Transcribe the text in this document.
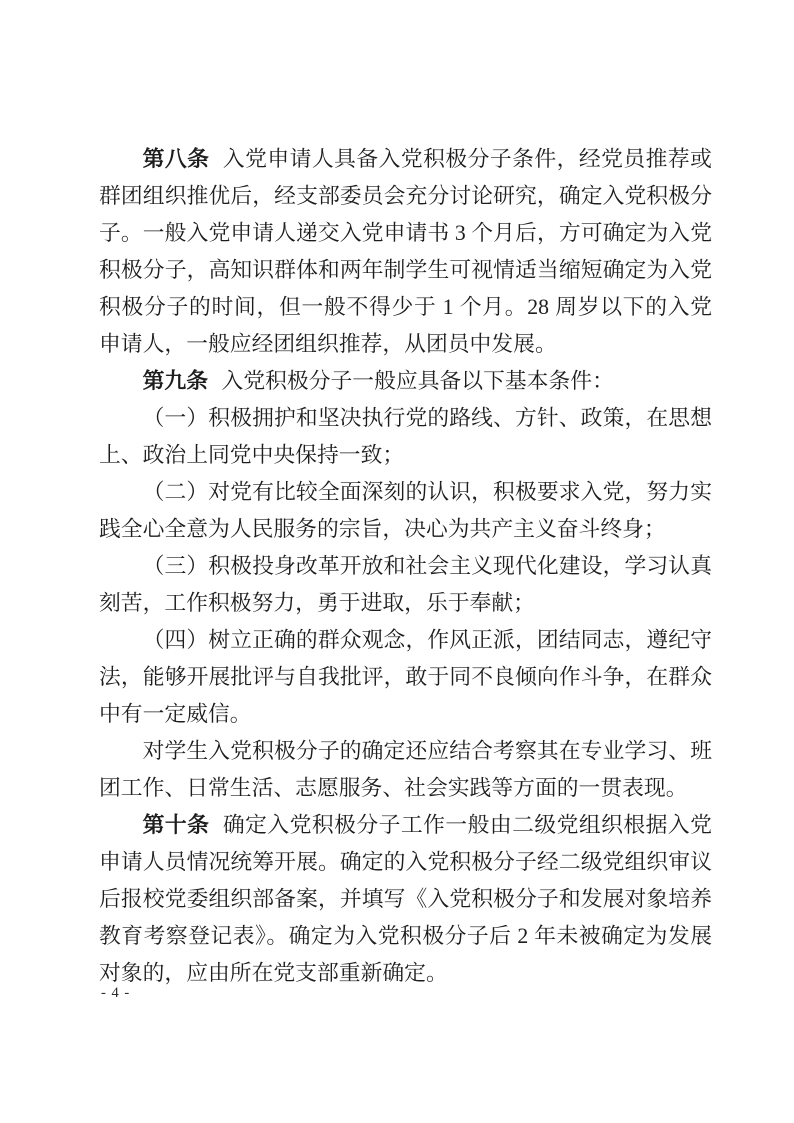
第八条 入党申请人具备入党积极分子条件，经党员推荐或群团组织推优后，经支部委员会充分讨论研究，确定入党积极分子。一般入党申请人递交入党申请书 3 个月后，方可确定为入党积极分子，高知识群体和两年制学生可视情适当缩短确定为入党积极分子的时间，但一般不得少于 1 个月。28 周岁以下的入党申请人，一般应经团组织推荐，从团员中发展。

第九条 入党积极分子一般应具备以下基本条件：

（一）积极拥护和坚决执行党的路线、方针、政策，在思想上、政治上同党中央保持一致；

（二）对党有比较全面深刻的认识，积极要求入党，努力实践全心全意为人民服务的宗旨，决心为共产主义奋斗终身；

（三）积极投身改革开放和社会主义现代化建设，学习认真刻苦，工作积极努力，勇于进取，乐于奉献；

（四）树立正确的群众观念，作风正派，团结同志，遵纪守法，能够开展批评与自我批评，敢于同不良倾向作斗争，在群众中有一定威信。

对学生入党积极分子的确定还应结合考察其在专业学习、班团工作、日常生活、志愿服务、社会实践等方面的一贯表现。

第十条 确定入党积极分子工作一般由二级党组织根据入党申请人员情况统筹开展。确定的入党积极分子经二级党组织审议后报校党委组织部备案，并填写《入党积极分子和发展对象培养教育考察登记表》。确定为入党积极分子后 2 年未被确定为发展对象的，应由所在党支部重新确定。

- 4 -
